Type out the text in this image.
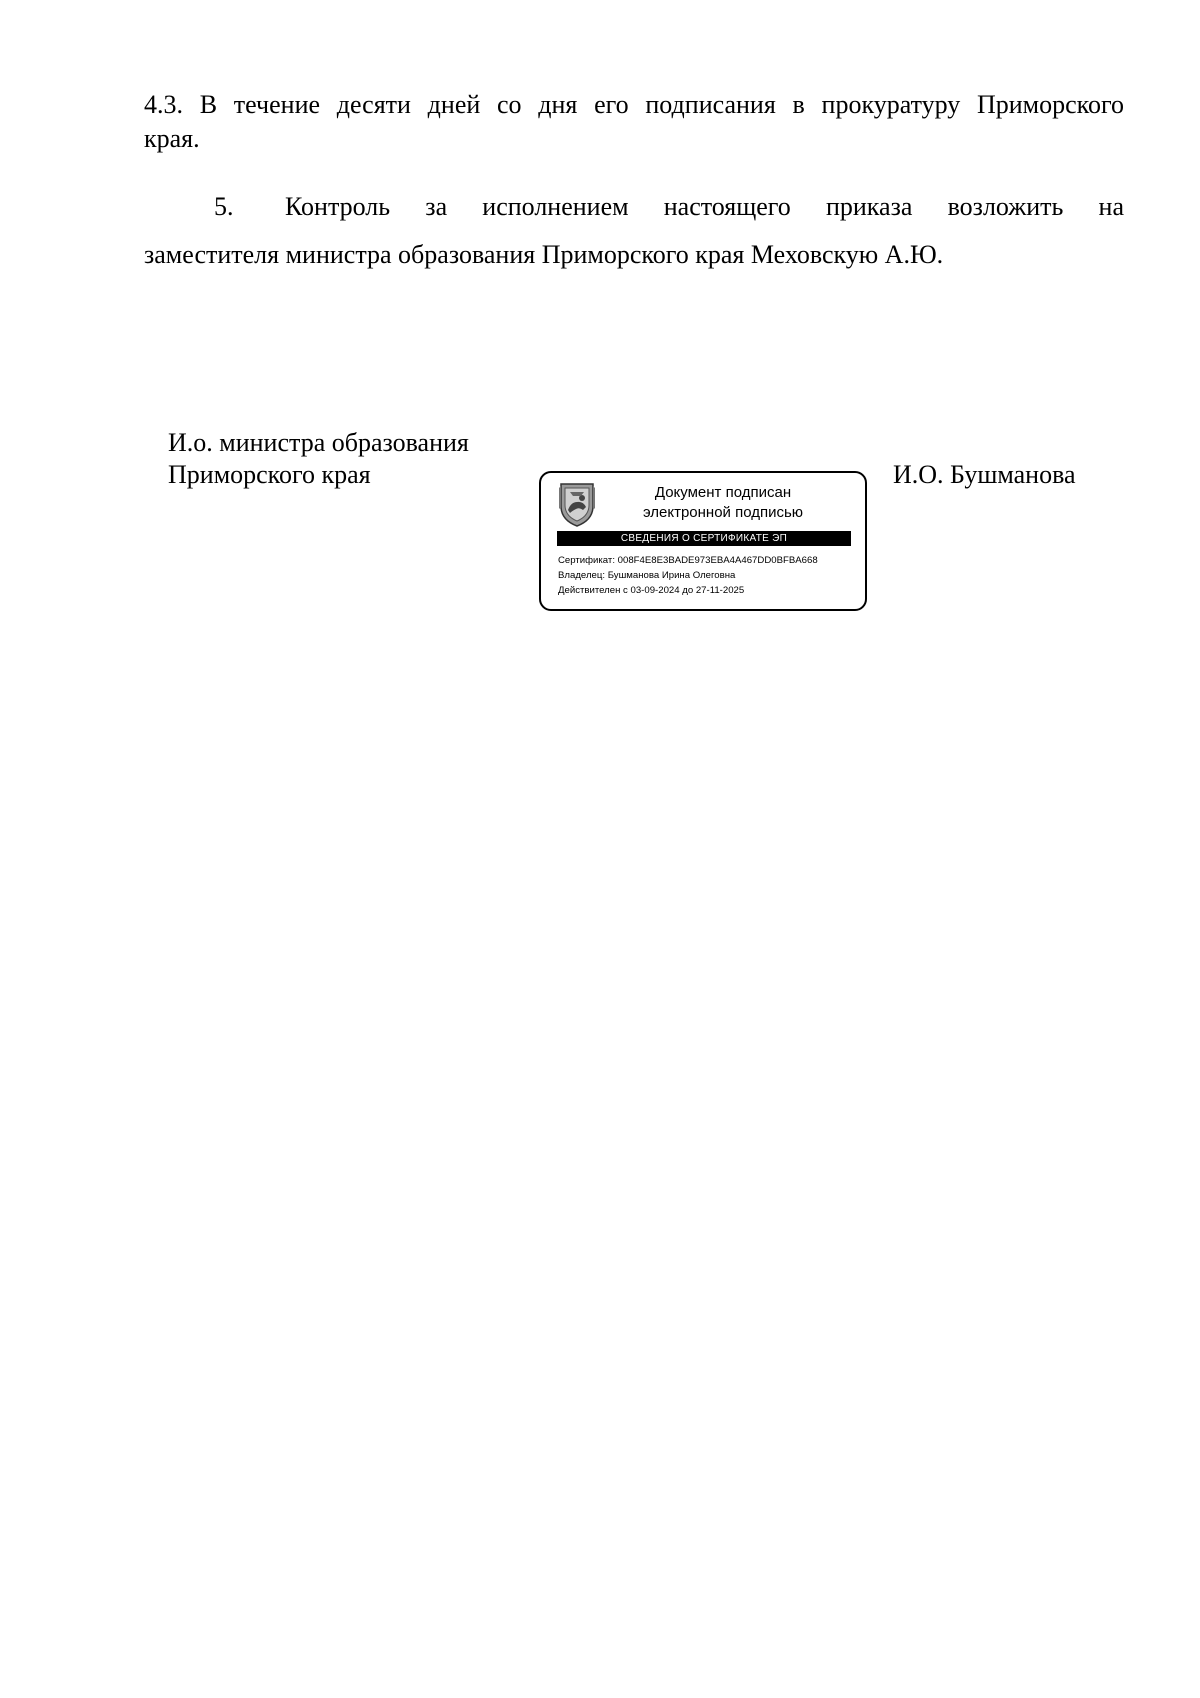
4.3. В течение десяти дней со дня его подписания в прокуратуру Приморского
края.

5. Контроль за исполнением настоящего приказа возложить на
заместителя министра образования Приморского края Меховскую А.Ю.

И.о. министра образования
Приморского края
Документ подписан
электронной подписью
СВЕДЕНИЯ О СЕРТИФИКАТЕ ЭП
Сертификат: 008F4E8E3BADE973EBA4A467DD0BFBA668
Владелец: Бушманова Ирина Олеговна
Действителен с 03-09-2024 до 27-11-2025
И.О. Бушманова
